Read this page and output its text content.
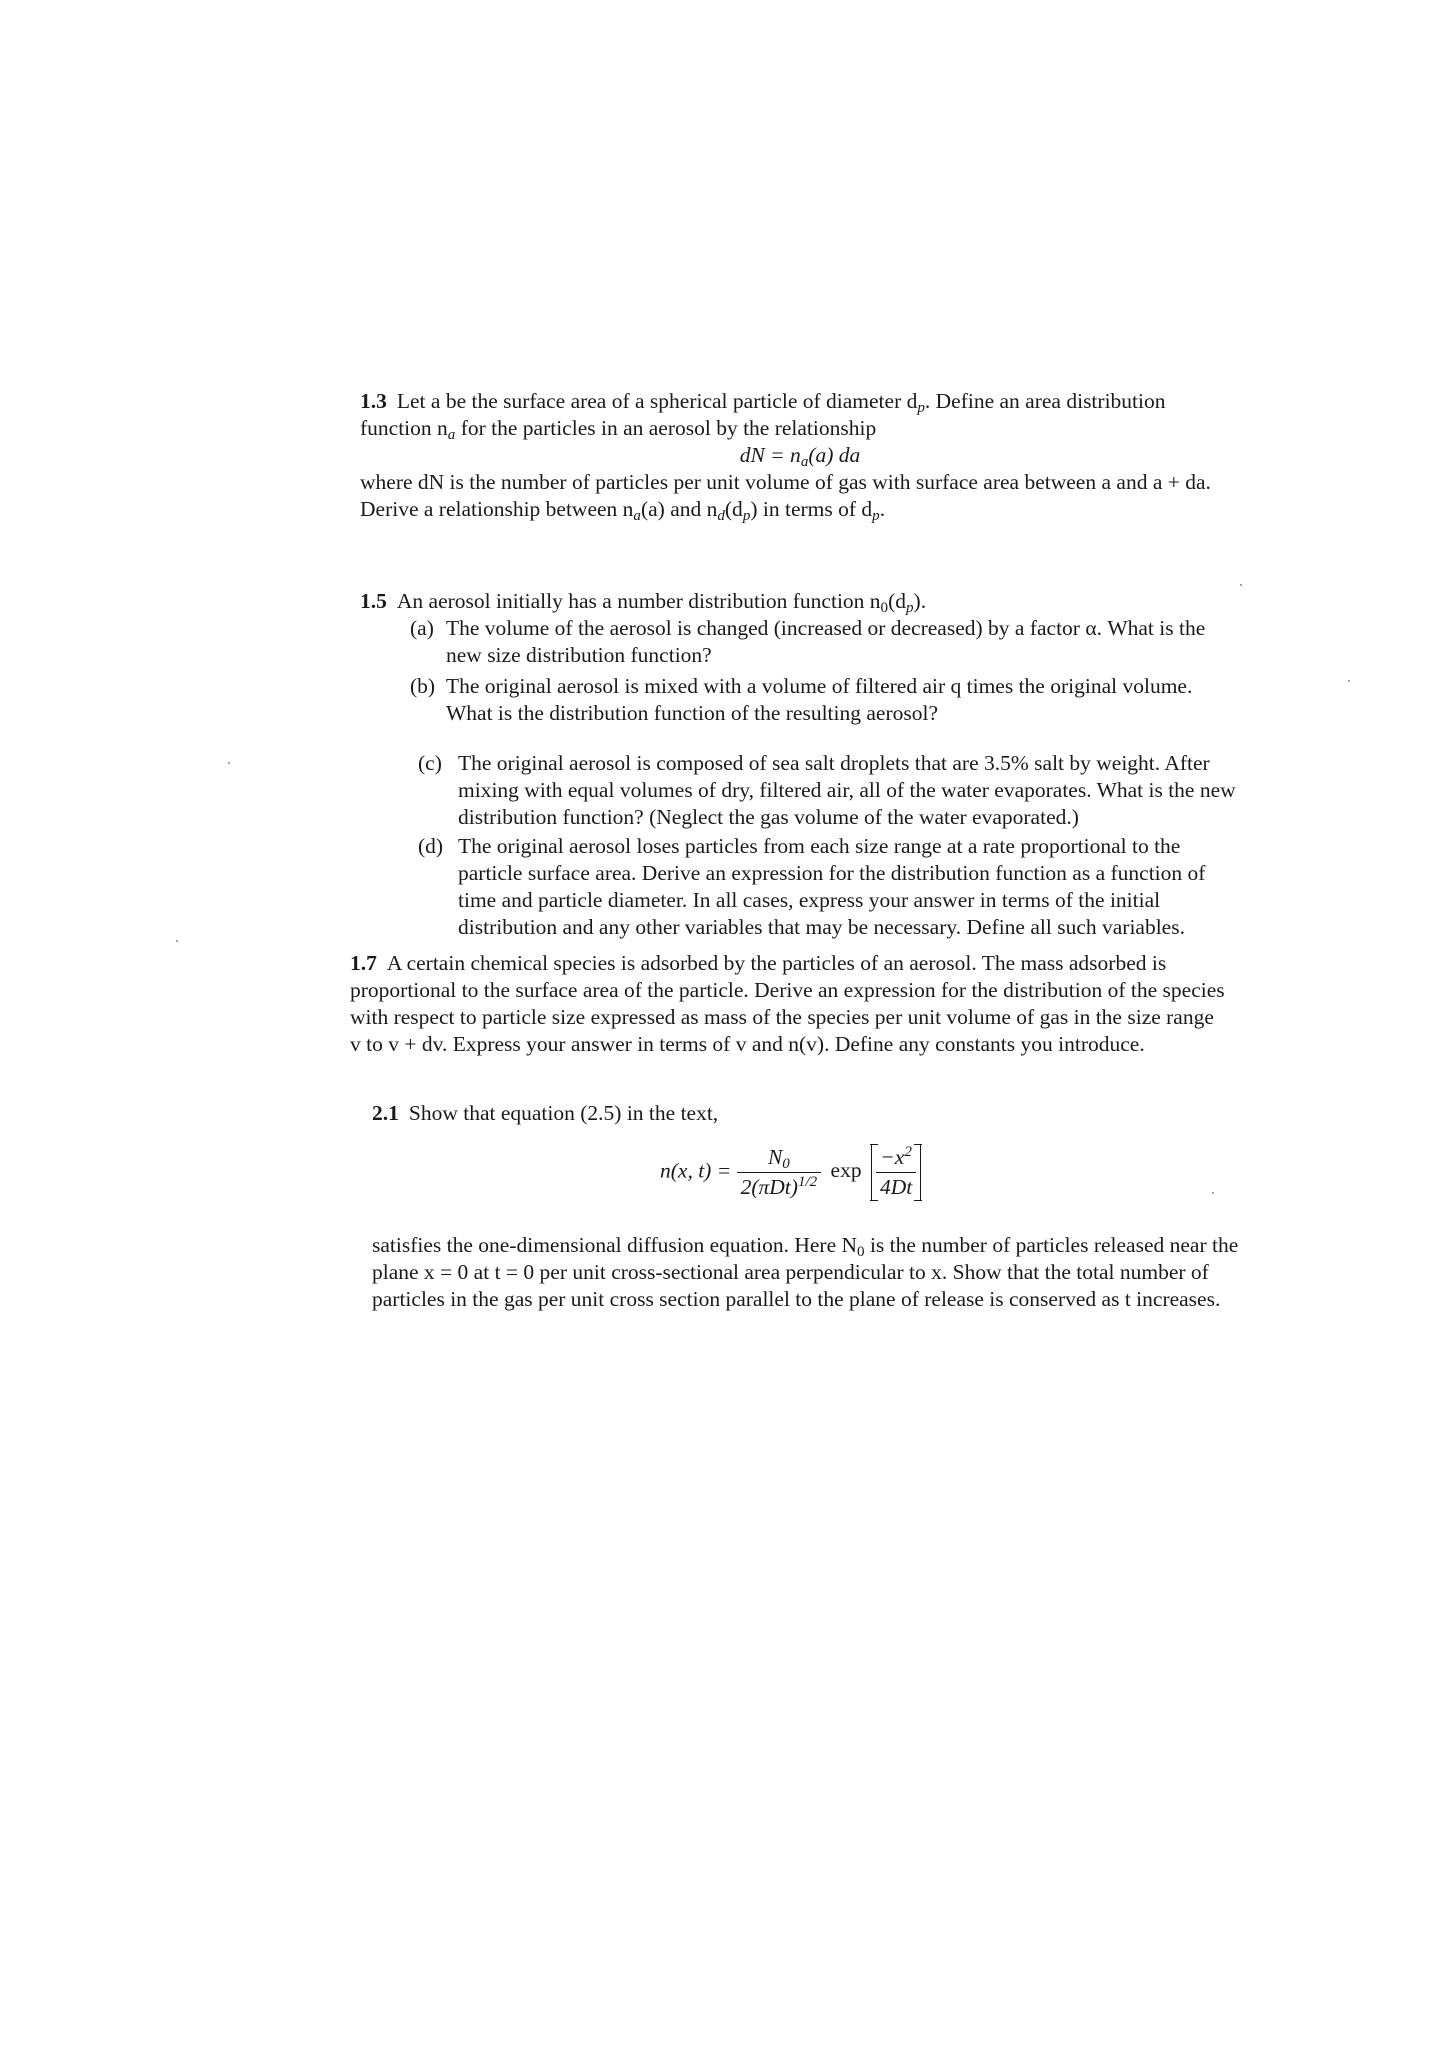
1.3 Let a be the surface area of a spherical particle of diameter $d_p$. Define an area distribution function $n_a$ for the particles in an aerosol by the relationship

dN = $n_a(a)$ da

where dN is the number of particles per unit volume of gas with surface area between a and a + da. Derive a relationship between $n_a(a)$ and $n_d(d_p)$ in terms of $d_p$.

1.5 An aerosol initially has a number distribution function $n_0(d_p)$.

(a) The volume of the aerosol is changed (increased or decreased) by a factor α. What is the new size distribution function?
(b) The original aerosol is mixed with a volume of filtered air q times the original volume. What is the distribution function of the resulting aerosol?
(c) The original aerosol is composed of sea salt droplets that are 3.5% salt by weight. After mixing with equal volumes of dry, filtered air, all of the water evaporates. What is the new distribution function? (Neglect the gas volume of the water evaporated.)
(d) The original aerosol loses particles from each size range at a rate proportional to the particle surface area. Derive an expression for the distribution function as a function of time and particle diameter. In all cases, express your answer in terms of the initial distribution and any other variables that may be necessary. Define all such variables.

1.7 A certain chemical species is adsorbed by the particles of an aerosol. The mass adsorbed is proportional to the surface area of the particle. Derive an expression for the distribution of the species with respect to particle size expressed as mass of the species per unit volume of gas in the size range v to v + dv. Express your answer in terms of v and n(v). Define any constants you introduce.

2.1 Show that equation (2.5) in the text,

n(x, $t) = \frac{N_0}{2(\pi Dt)^{1/2}}$ $\exp \frac{-x^2}{4Dt}$

satisfies the one-dimensional diffusion equation. Here $N_0$ is the number of particles released near the plane x = 0 at t = 0 per unit cross-sectional area perpendicular to x. Show that the total number of particles in the gas per unit cross section parallel to the plane of release is conserved as t increases.
